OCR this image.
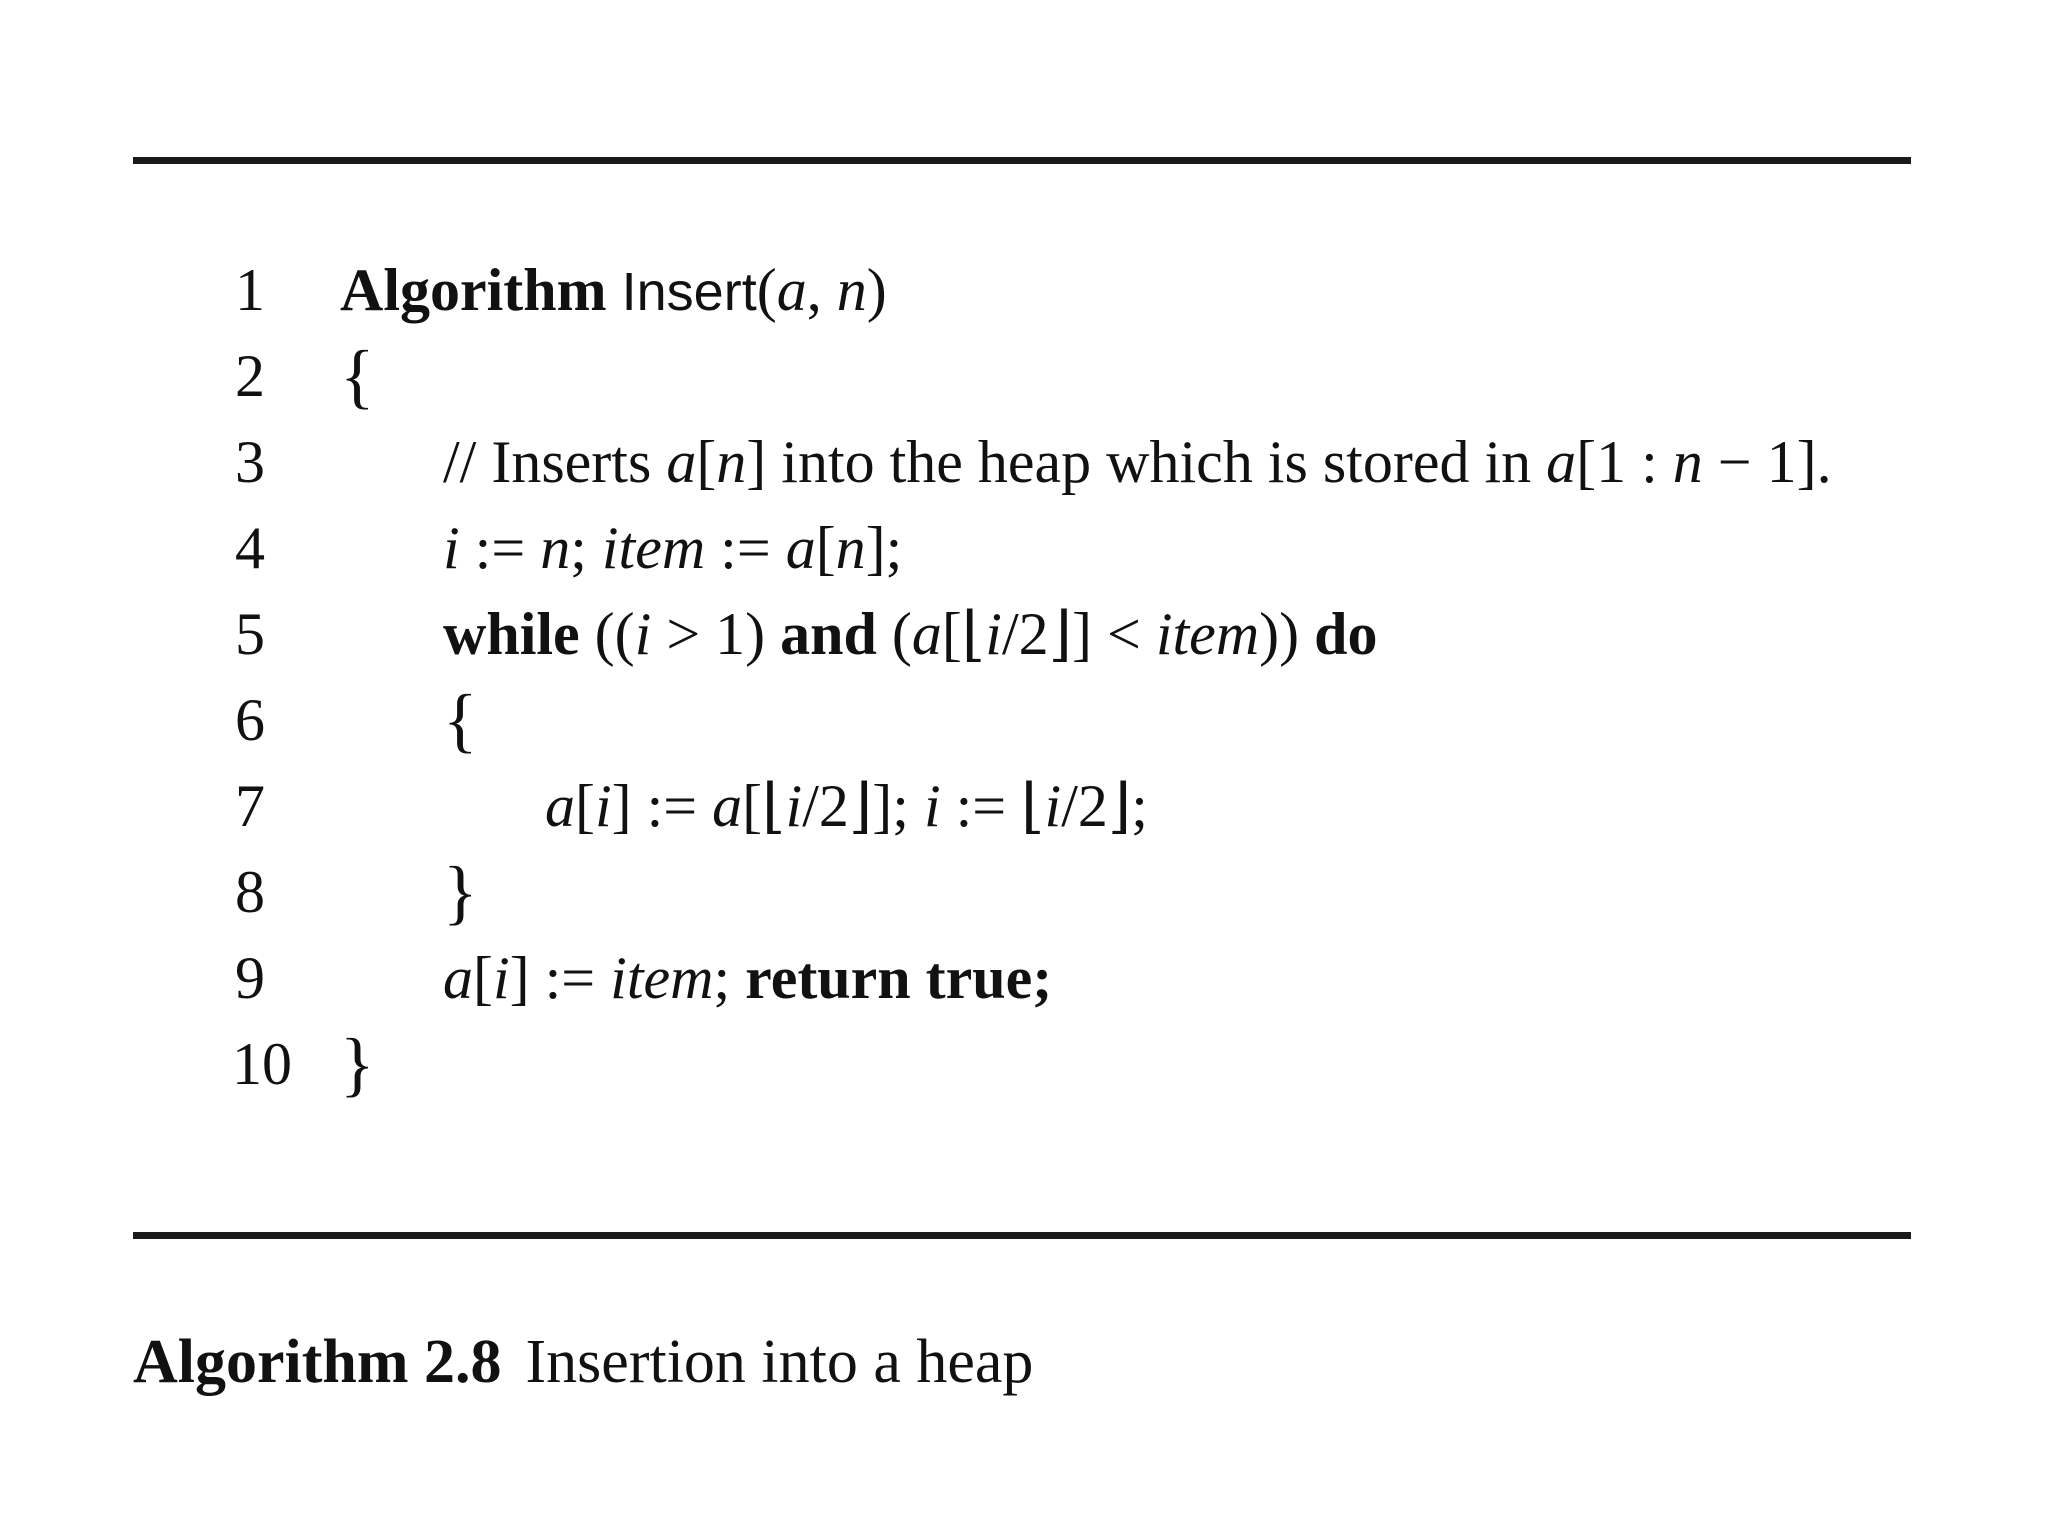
1	Algorithm Insert(a, n)
2	{
3	// Inserts a[n] into the heap which is stored in a[1 : n − 1].
4	i := n; item := a[n];
5	while ((i > 1) and (a[⌊i/2⌋] < item)) do
6	{
7	a[i] := a[⌊i/2⌋]; i := ⌊i/2⌋;
8	}
9	a[i] := item; return true;
10 }
Algorithm 2.8 Insertion into a heap
